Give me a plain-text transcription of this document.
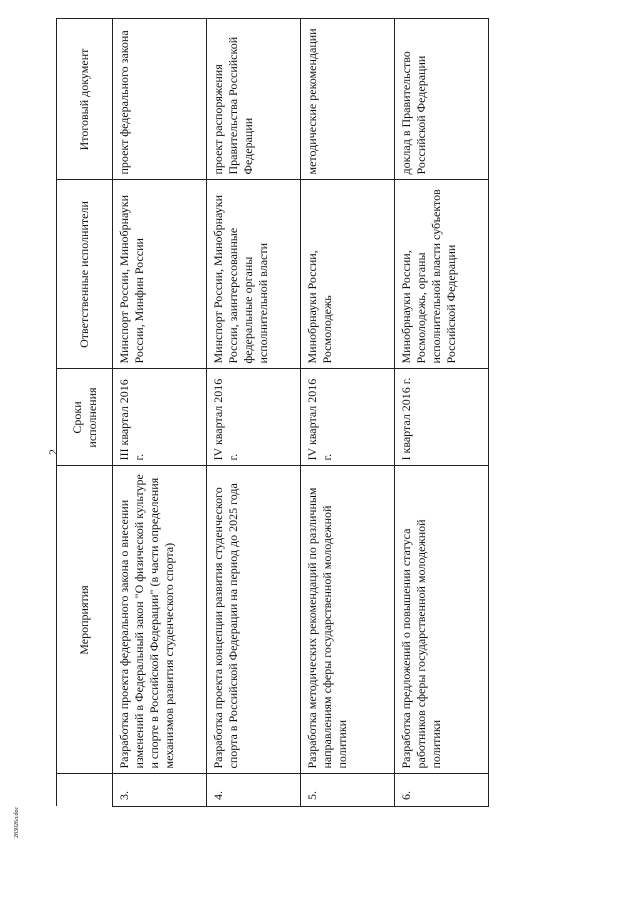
2
	Мероприятия	Сроки исполнения	Ответственные исполнители	Итоговый документ
3.	Разработка проекта федерального закона о внесении изменений в Федеральный закон "О физической культуре и спорте в Российской Федерации" (в части определения механизмов развития студенческого спорта)	III квартал 2016 г.	Минспорт России, Минобрнауки России, Минфин России	проект федерального закона
4.	Разработка проекта концепции развития студенческого спорта в Российской Федерации на период до 2025 года	IV квартал 2016 г.	Минспорт России, Минобрнауки России, заинтересованные федеральные органы исполнительной власти	проект распоряжения Правительства Российской Федерации
5.	Разработка методических рекомендаций по различным направлениям сферы государственной молодежной политики	IV квартал 2016 г.	Минобрнауки России, Росмолодежь	методические рекомендации
6.	Разработка предложений о повышении статуса работников сферы государственной молодежной политики	I квартал 2016 г.	Минобрнауки России, Росмолодежь, органы исполнительной власти субъектов Российской Федерации	доклад в Правительство Российской Федерации
283026л.doc
